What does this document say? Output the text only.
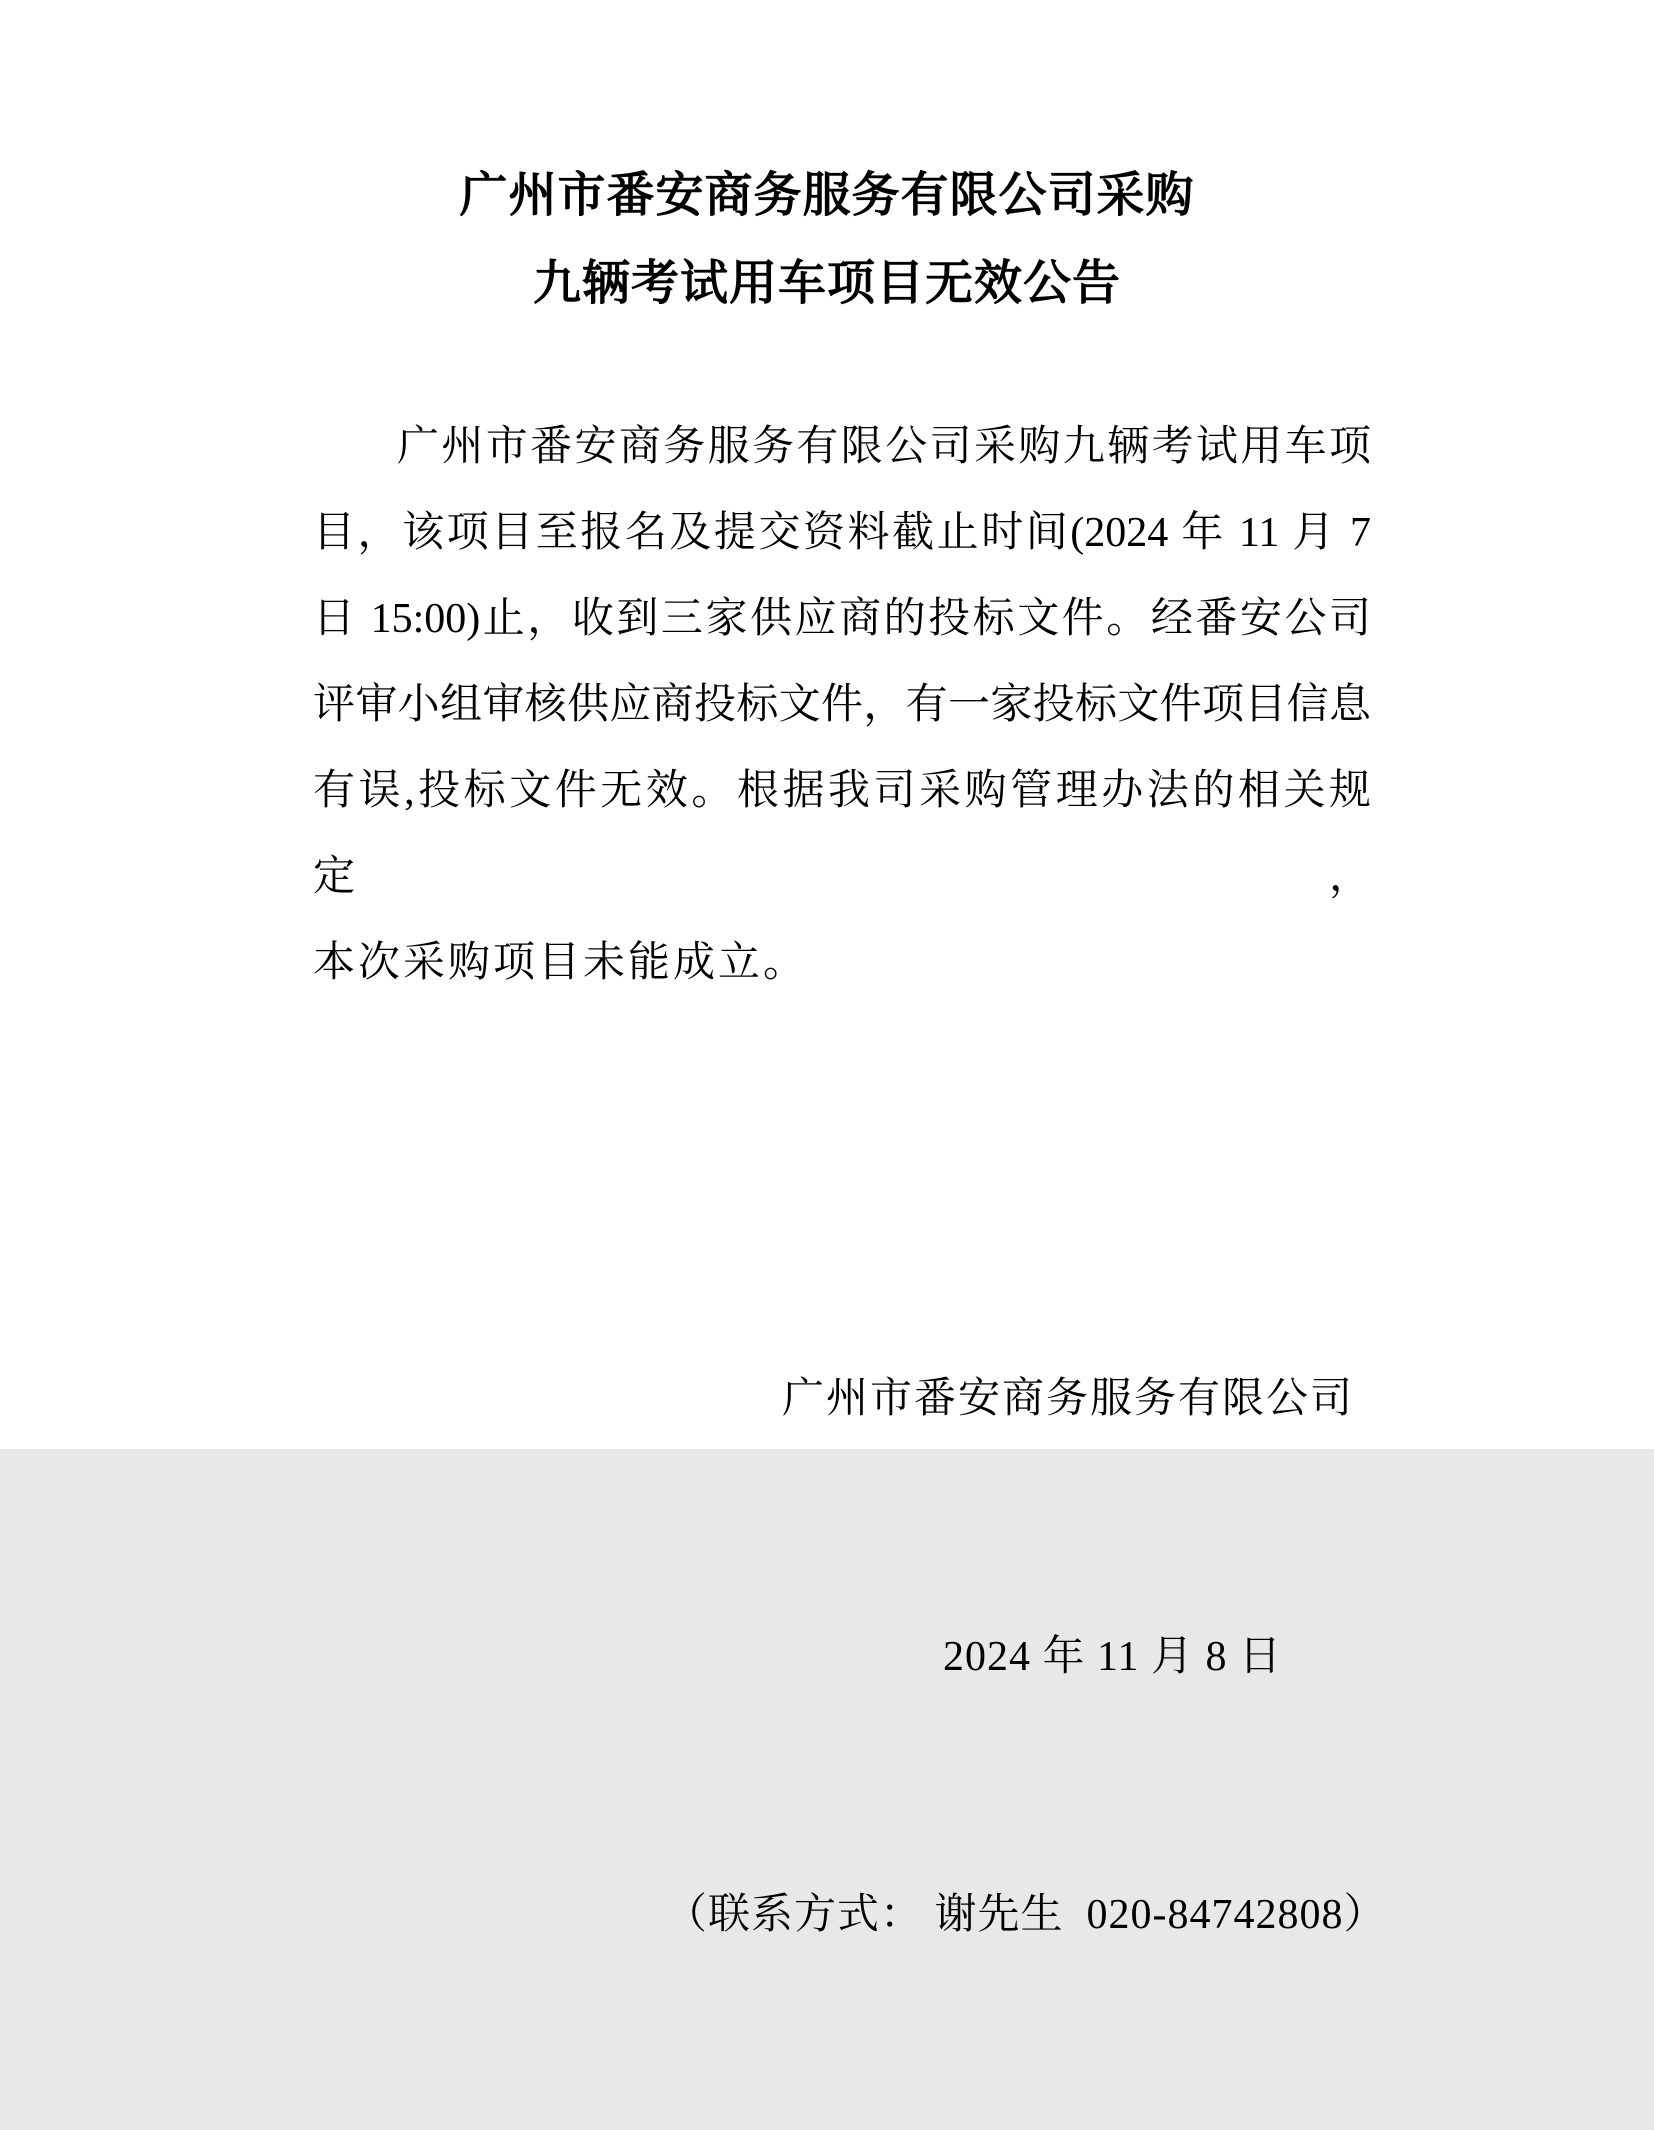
广州市番安商务服务有限公司采购
九辆考试用车项目无效公告
广州市番安商务服务有限公司采购九辆考试用车项
目，该项目至报名及提交资料截止时间(2024 年 11 月 7
日 15:00)止，收到三家供应商的投标文件。经番安公司
评审小组审核供应商投标文件，有一家投标文件项目信息
有误,投标文件无效。根据我司采购管理办法的相关规定，
本次采购项目未能成立。

广州市番安商务服务有限公司

2024 年 11 月 8 日

（联系方式： 谢先生  020-84742808）
